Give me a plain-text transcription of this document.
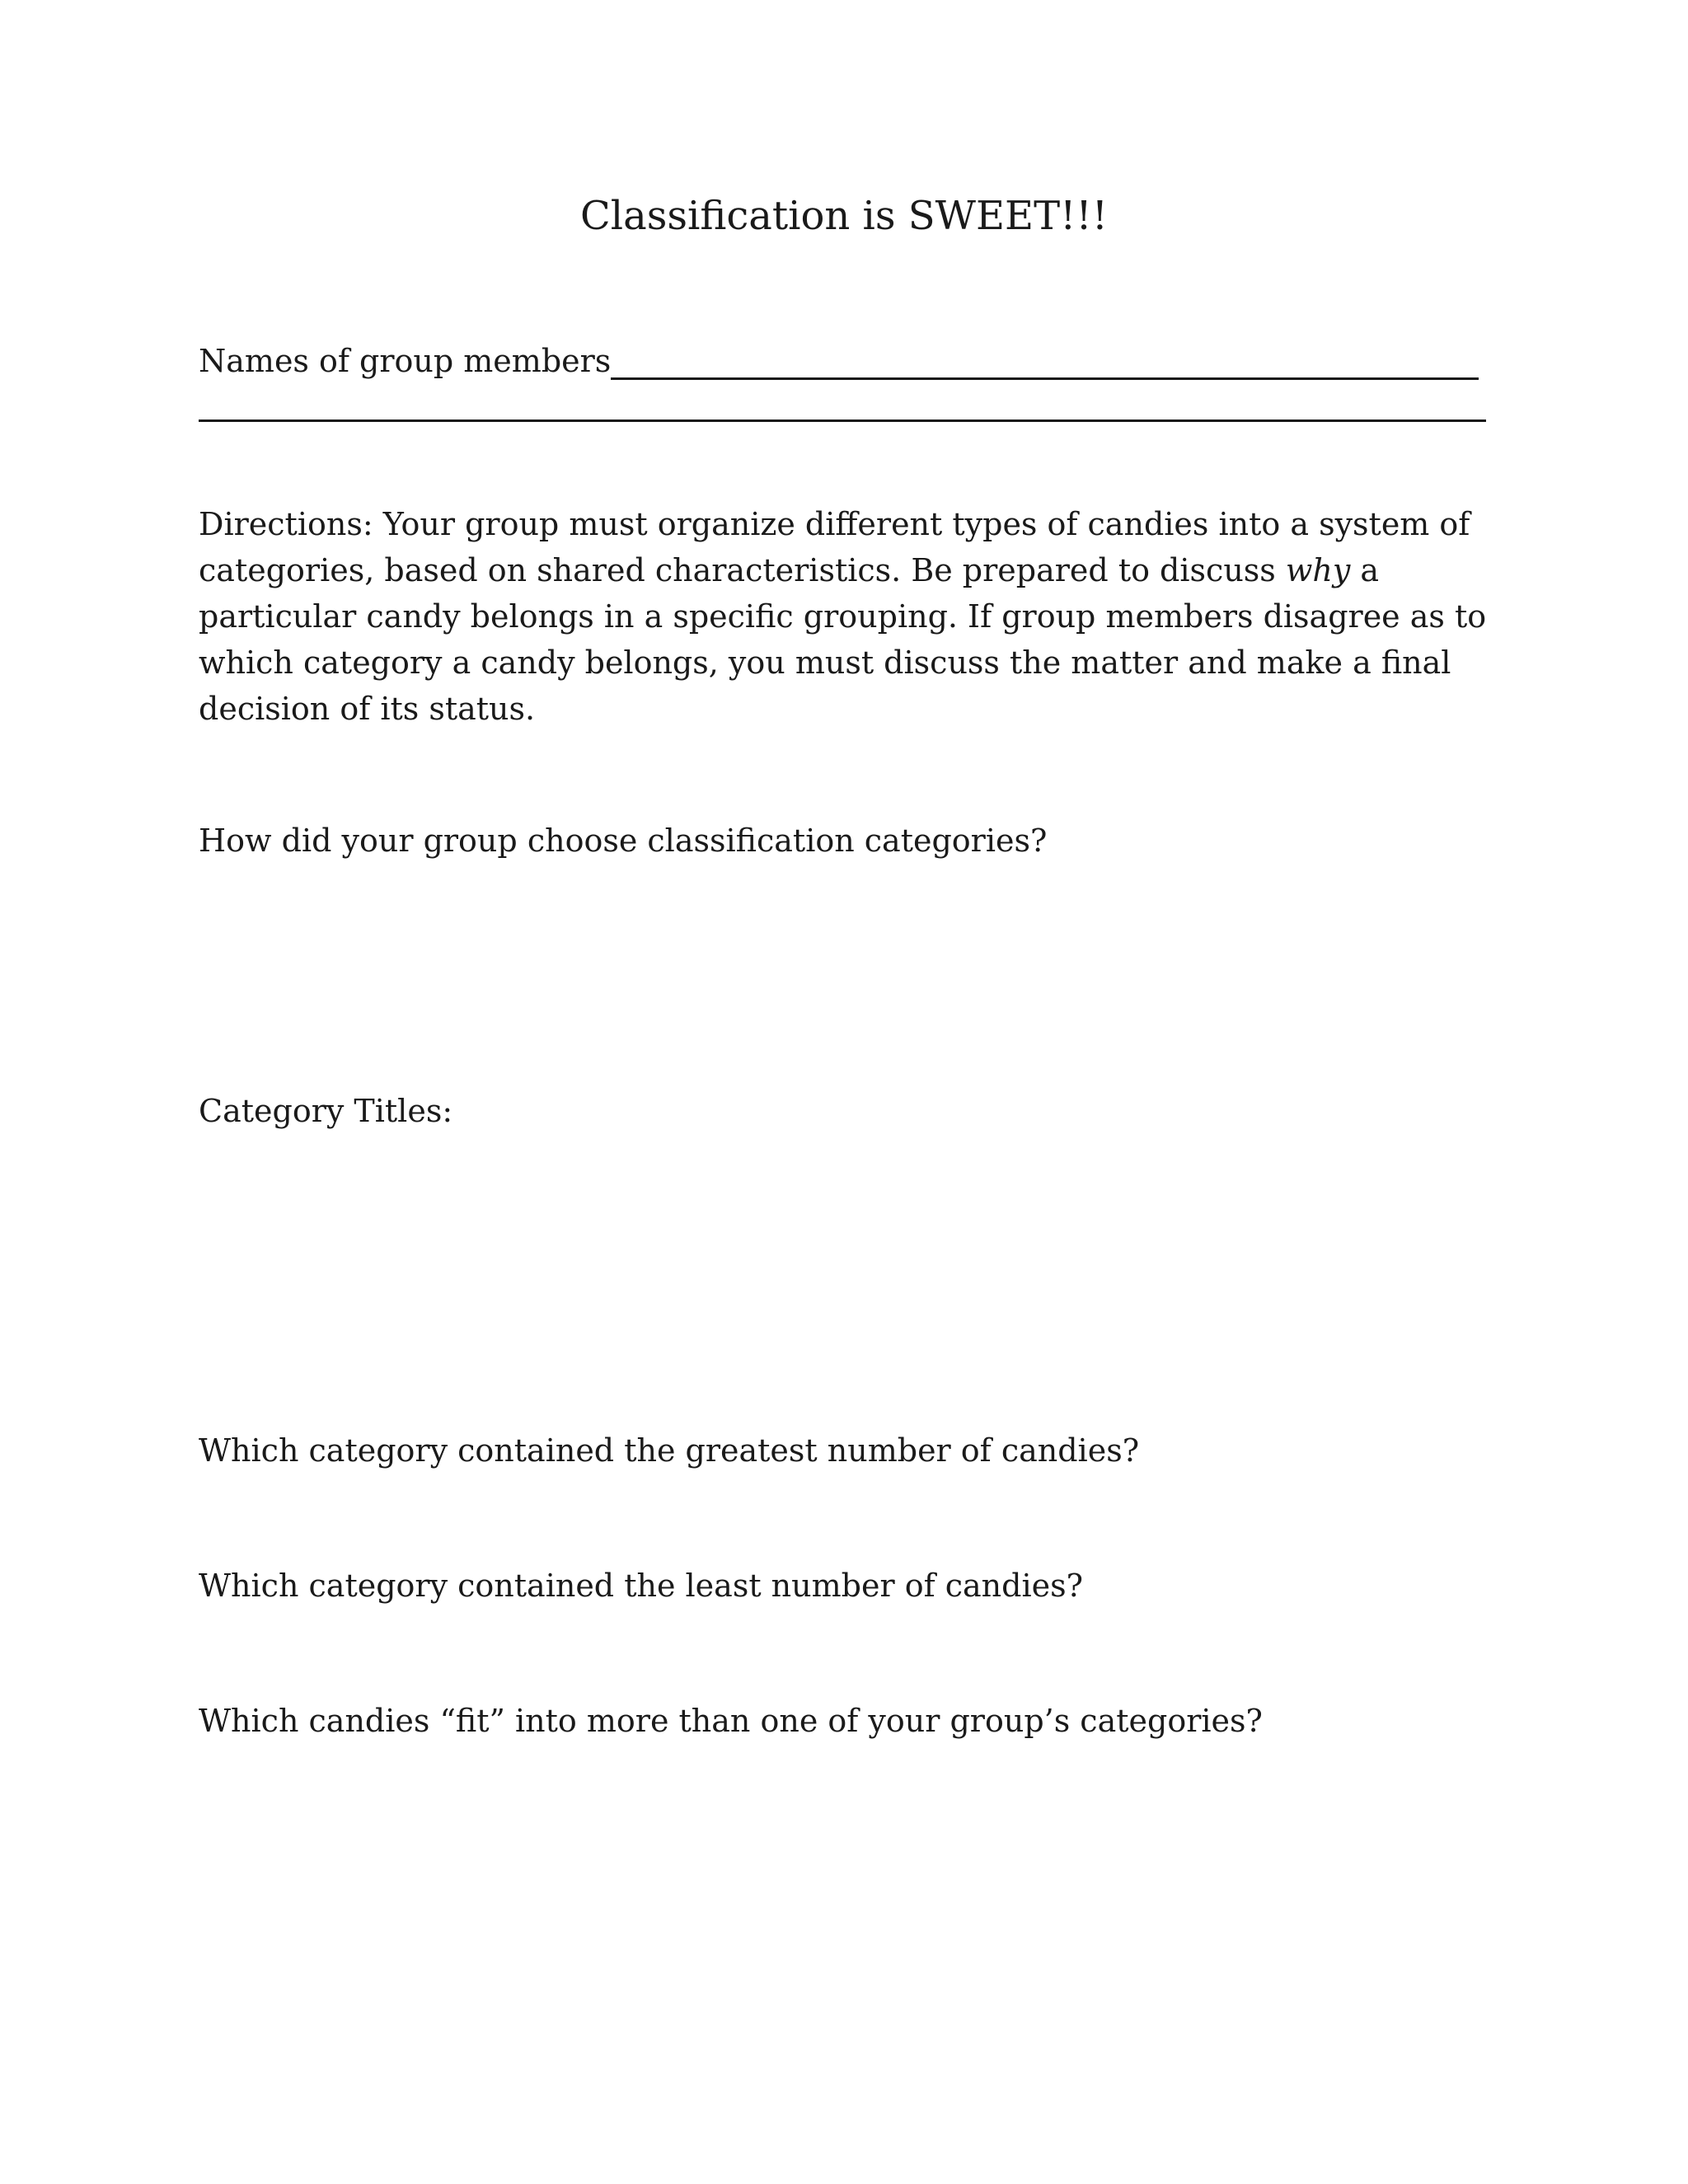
Classification is SWEET!!!
Names of group members

Directions: Your group must organize different types of candies into a system of categories, based on shared characteristics. Be prepared to discuss why a particular candy belongs in a specific grouping. If group members disagree as to which category a candy belongs, you must discuss the matter and make a final decision of its status.

How did your group choose classification categories?

Category Titles:

Which category contained the greatest number of candies?

Which category contained the least number of candies?

Which candies “fit” into more than one of your group’s categories?
